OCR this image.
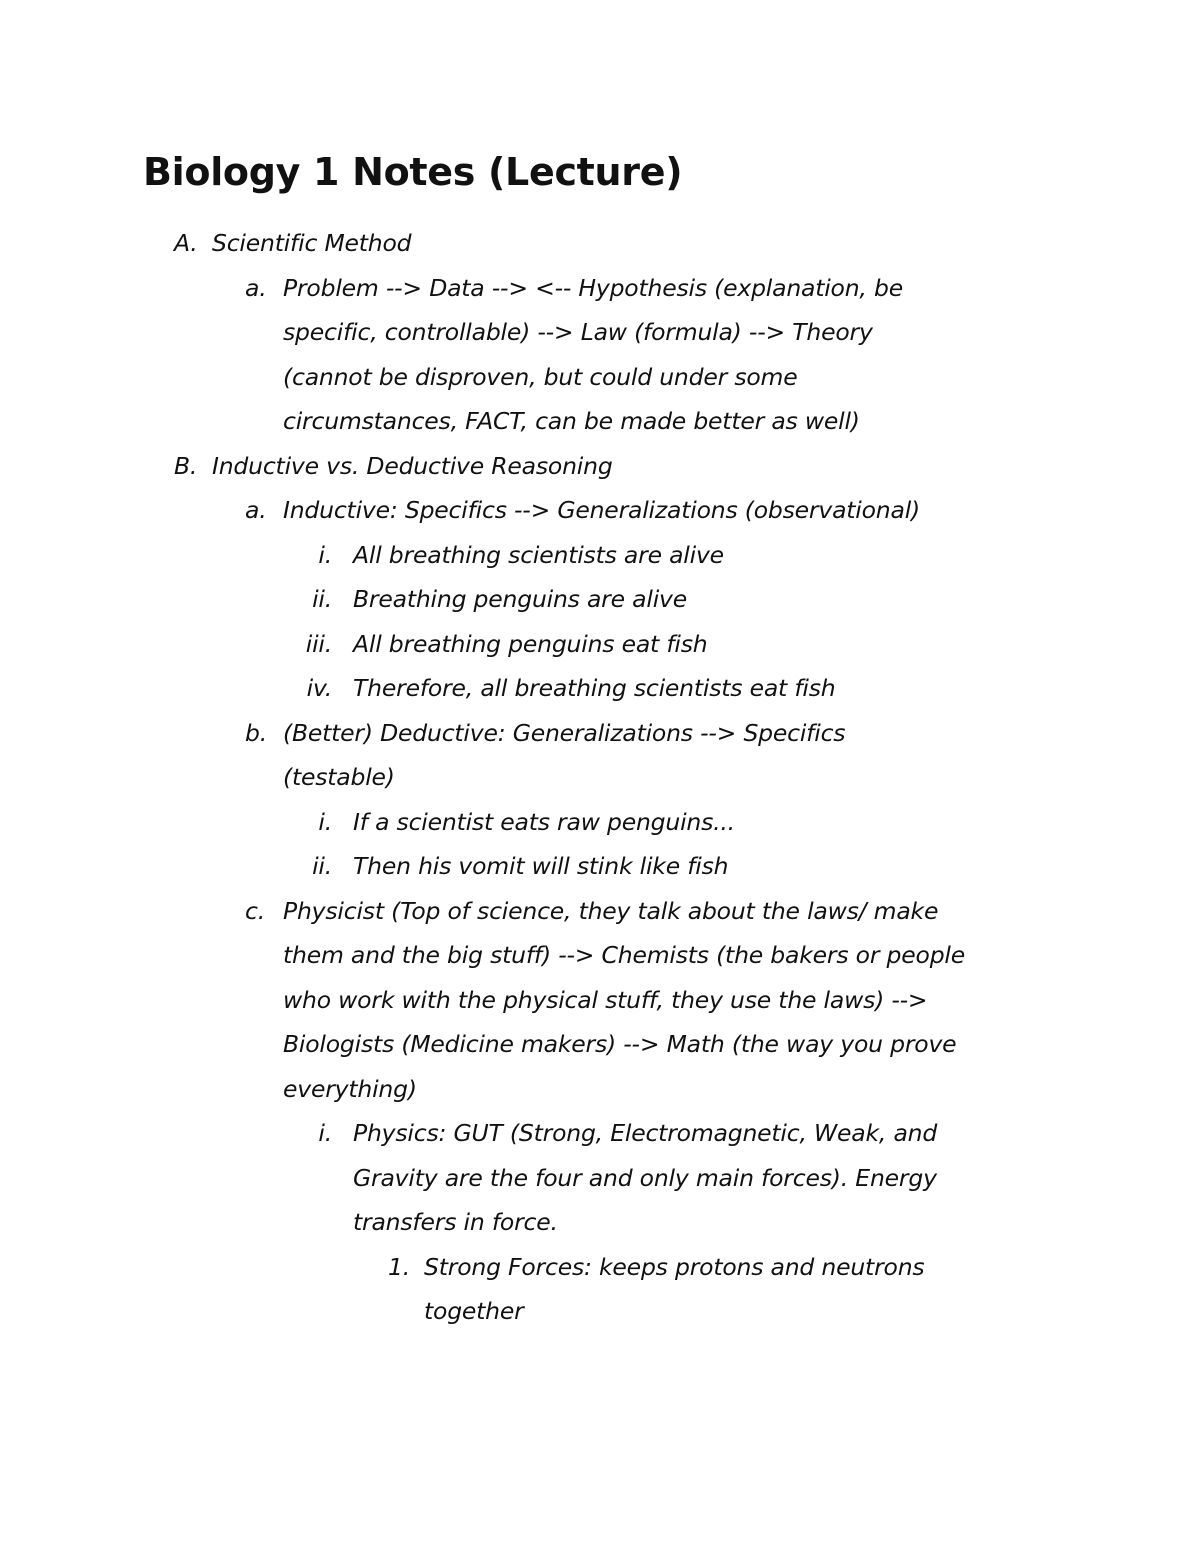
Biology 1 Notes (Lecture)
A. Scientific Method
a. Problem --> Data --> <-- Hypothesis (explanation, be
specific, controllable) --> Law (formula) --> Theory
(cannot be disproven, but could under some
circumstances, FACT, can be made better as well)
B. Inductive vs. Deductive Reasoning
a. Inductive: Specifics --> Generalizations (observational)
i. All breathing scientists are alive
ii. Breathing penguins are alive
iii. All breathing penguins eat fish
iv. Therefore, all breathing scientists eat fish
b. (Better) Deductive: Generalizations --> Specifics
(testable)
i. If a scientist eats raw penguins...
ii. Then his vomit will stink like fish
c. Physicist (Top of science, they talk about the laws/ make
them and the big stuff) --> Chemists (the bakers or people
who work with the physical stuff, they use the laws) -->
Biologists (Medicine makers) --> Math (the way you prove
everything)
i. Physics: GUT (Strong, Electromagnetic, Weak, and
Gravity are the four and only main forces). Energy
transfers in force.
1. Strong Forces: keeps protons and neutrons
together
